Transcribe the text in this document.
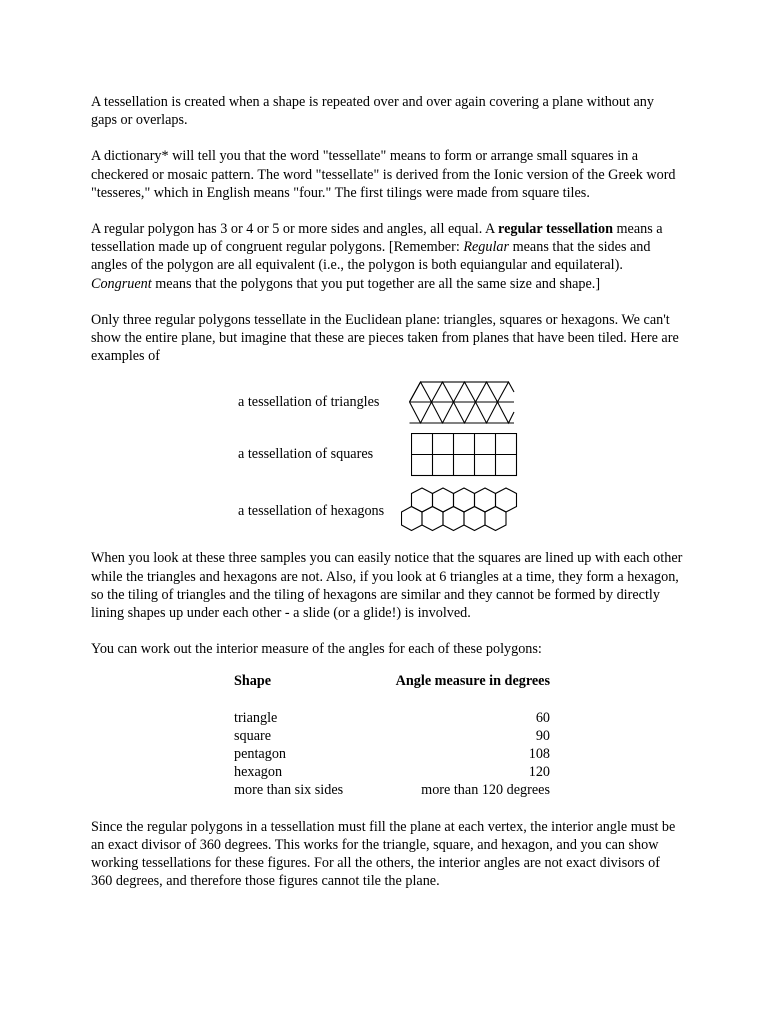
A tessellation is created when a shape is repeated over and over again covering a plane without any gaps or overlaps.

A dictionary* will tell you that the word "tessellate" means to form or arrange small squares in a checkered or mosaic pattern. The word "tessellate" is derived from the Ionic version of the Greek word "tesseres," which in English means "four." The first tilings were made from square tiles.

A regular polygon has 3 or 4 or 5 or more sides and angles, all equal. A regular tessellation means a tessellation made up of congruent regular polygons. [Remember: Regular means that the sides and angles of the polygon are all equivalent (i.e., the polygon is both equiangular and equilateral). Congruent means that the polygons that you put together are all the same size and shape.]

Only three regular polygons tessellate in the Euclidean plane: triangles, squares or hexagons. We can't show the entire plane, but imagine that these are pieces taken from planes that have been tiled. Here are examples of

a tessellation of triangles
a tessellation of squares
a tessellation of hexagons

When you look at these three samples you can easily notice that the squares are lined up with each other while the triangles and hexagons are not. Also, if you look at 6 triangles at a time, they form a hexagon, so the tiling of triangles and the tiling of hexagons are similar and they cannot be formed by directly lining shapes up under each other - a slide (or a glide!) is involved.

You can work out the interior measure of the angles for each of these polygons:

Shape	Angle measure in degrees
triangle	60
square	90
pentagon	108
hexagon	120
more than six sides	more than 120 degrees

Since the regular polygons in a tessellation must fill the plane at each vertex, the interior angle must be an exact divisor of 360 degrees. This works for the triangle, square, and hexagon, and you can show working tessellations for these figures. For all the others, the interior angles are not exact divisors of 360 degrees, and therefore those figures cannot tile the plane.
